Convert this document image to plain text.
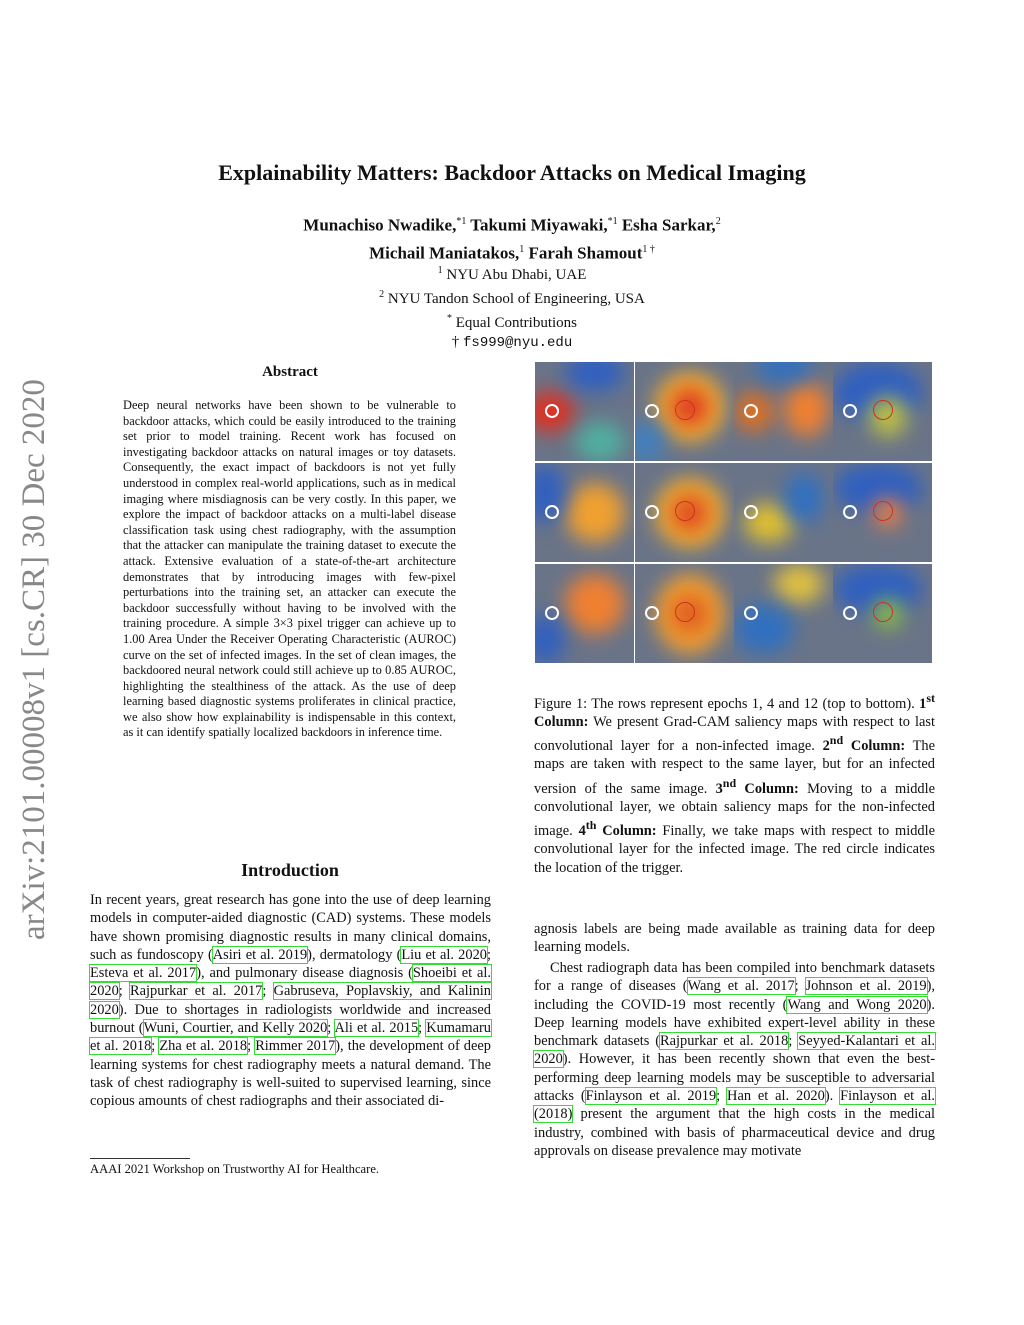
Explainability Matters: Backdoor Attacks on Medical Imaging
Munachiso Nwadike,$^{*1}$ Takumi Miyawaki,$^{*1}$ Esha Sarkar,$^2$
Michail Maniatakos,$^1$ Farah Shamout$^{1 \dagger}$
$^1$ NYU Abu Dhabi, UAE
$^2$ NYU Tandon School of Engineering, USA
* Equal Contributions
† fs999@nyu.edu
arXiv:2101.00008v1 [cs.CR] 30 Dec 2020
Abstract
Deep neural networks have been shown to be vulnerable to backdoor attacks, which could be easily introduced to the training set prior to model training. Recent work has focused on investigating backdoor attacks on natural images or toy datasets. Consequently, the exact impact of backdoors is not yet fully understood in complex real-world applications, such as in medical imaging where misdiagnosis can be very costly. In this paper, we explore the impact of backdoor attacks on a multi-label disease classification task using chest radiography, with the assumption that the attacker can manipulate the training dataset to execute the attack. Extensive evaluation of a state-of-the-art architecture demonstrates that by introducing images with few-pixel perturbations into the training set, an attacker can execute the backdoor successfully without having to be involved with the training procedure. A simple 3×3 pixel trigger can achieve up to 1.00 Area Under the Receiver Operating Characteristic (AUROC) curve on the set of infected images. In the set of clean images, the backdoored neural network could still achieve up to 0.85 AUROC, highlighting the stealthiness of the attack. As the use of deep learning based diagnostic systems proliferates in clinical practice, we also show how explainability is indispensable in this context, as it can identify spatially localized backdoors in inference time.
Introduction
In recent years, great research has gone into the use of deep learning models in computer-aided diagnostic (CAD) systems. These models have shown promising diagnostic results in many clinical domains, such as fundoscopy (Asiri et al. 2019), dermatology (Liu et al. 2020; Esteva et al. 2017), and pulmonary disease diagnosis (Shoeibi et al. 2020; Rajpurkar et al. 2017; Gabruseva, Poplavskiy, and Kalinin 2020). Due to shortages in radiologists worldwide and increased burnout (Wuni, Courtier, and Kelly 2020; Ali et al. 2015; Kumamaru et al. 2018; Zha et al. 2018; Rimmer 2017), the development of deep learning systems for chest radiography meets a natural demand. The task of chest radiography is well-suited to supervised learning, since copious amounts of chest radiographs and their associated di-
AAAI 2021 Workshop on Trustworthy AI for Healthcare.
Figure 1: The rows represent epochs 1, 4 and 12 (top to bottom). 1st Column: We present Grad-CAM saliency maps with respect to last convolutional layer for a non-infected image. 2nd Column: The maps are taken with respect to the same layer, but for an infected version of the same image. 3nd Column: Moving to a middle convolutional layer, we obtain saliency maps for the non-infected image. 4th Column: Finally, we take maps with respect to middle convolutional layer for the infected image. The red circle indicates the location of the trigger.
agnosis labels are being made available as training data for deep learning models.
Chest radiograph data has been compiled into benchmark datasets for a range of diseases (Wang et al. 2017; Johnson et al. 2019), including the COVID-19 most recently (Wang and Wong 2020). Deep learning models have exhibited expert-level ability in these benchmark datasets (Rajpurkar et al. 2018; Seyyed-Kalantari et al. 2020). However, it has been recently shown that even the best-performing deep learning models may be susceptible to adversarial attacks (Finlayson et al. 2019; Han et al. 2020). Finlayson et al. (2018) present the argument that the high costs in the medical industry, combined with basis of pharmaceutical device and drug approvals on disease prevalence may motivate
